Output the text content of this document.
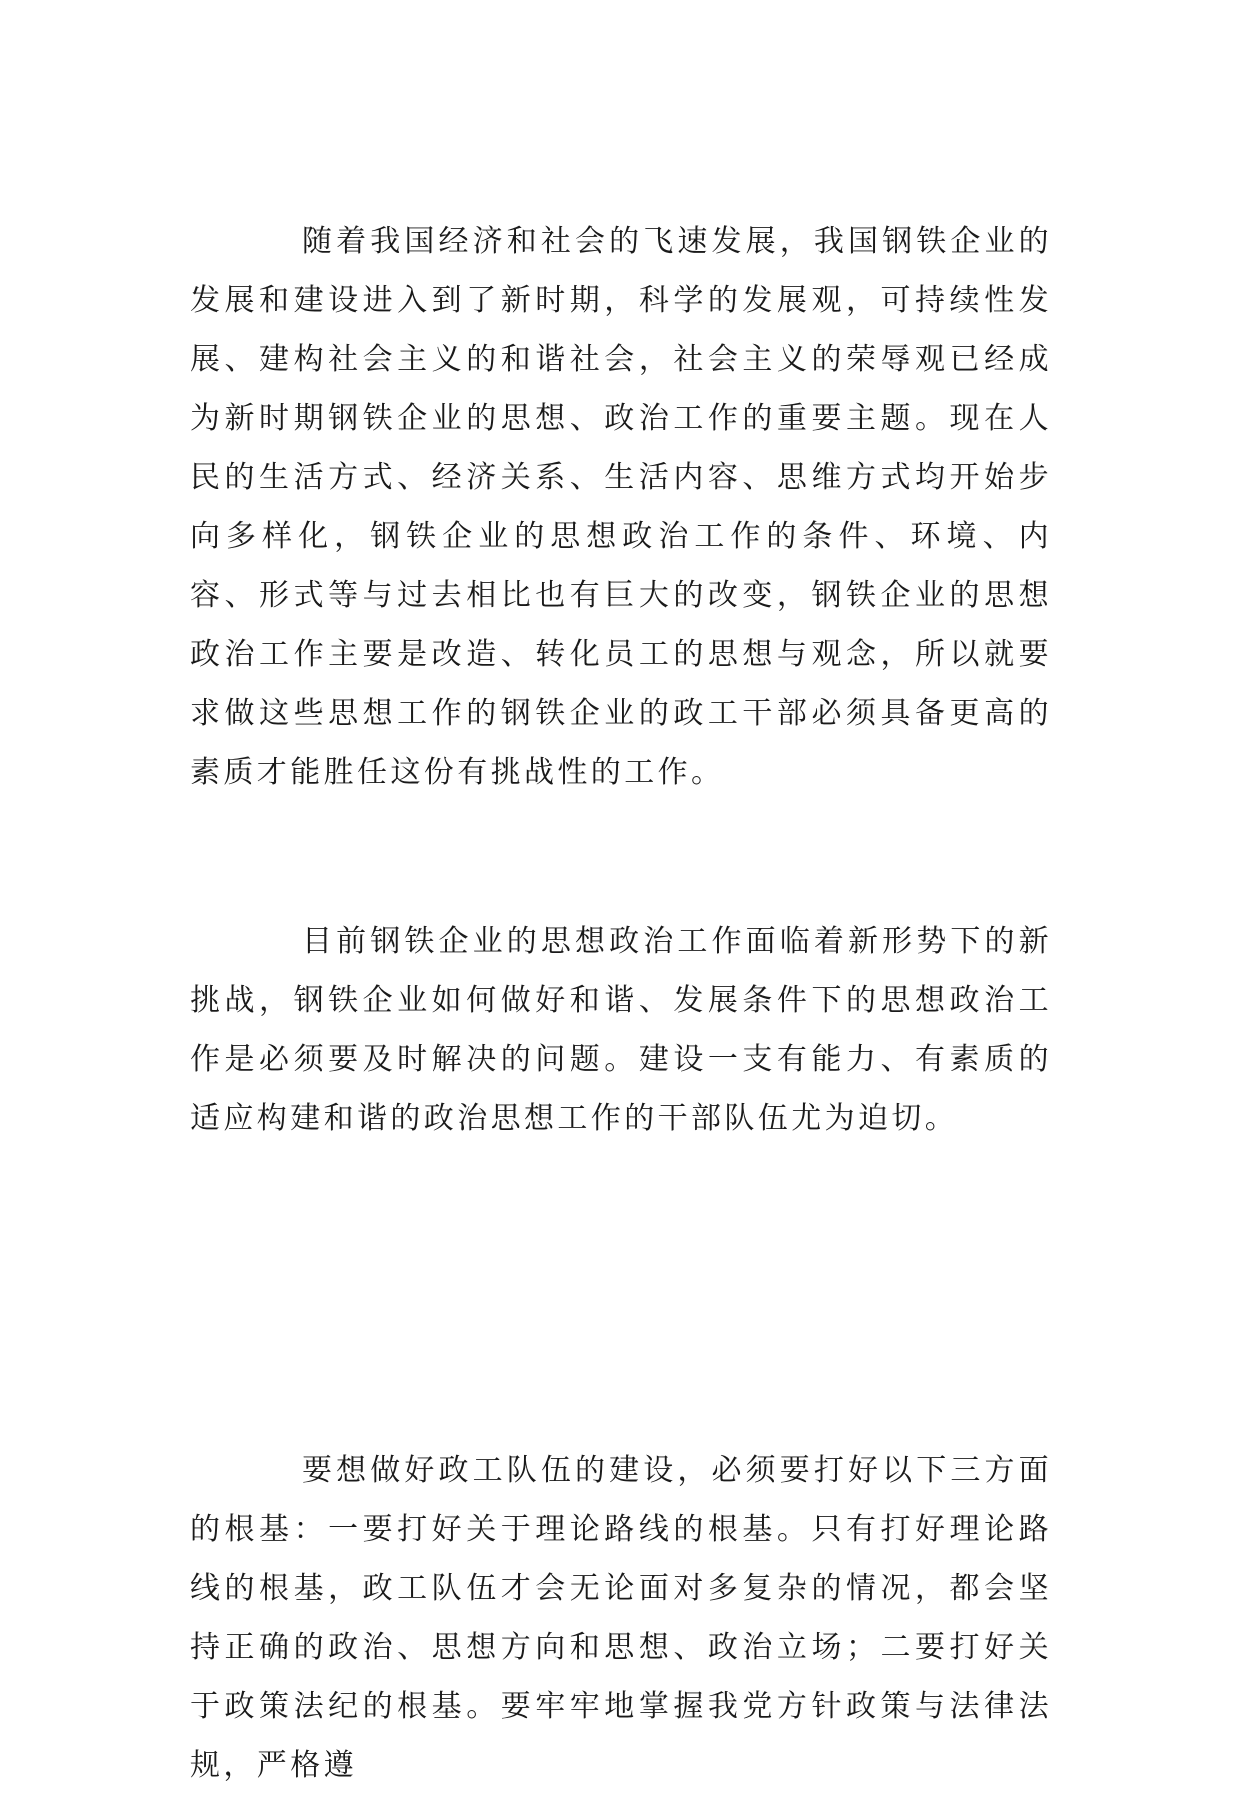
随着我国经济和社会的飞速发展，我国钢铁企业的发展和建设进入到了新时期，科学的发展观，可持续性发展、建构社会主义的和谐社会，社会主义的荣辱观已经成为新时期钢铁企业的思想、政治工作的重要主题。现在人民的生活方式、经济关系、生活内容、思维方式均开始步向多样化，钢铁企业的思想政治工作的条件、环境、内容、形式等与过去相比也有巨大的改变，钢铁企业的思想政治工作主要是改造、转化员工的思想与观念，所以就要求做这些思想工作的钢铁企业的政工干部必须具备更高的素质才能胜任这份有挑战性的工作。

目前钢铁企业的思想政治工作面临着新形势下的新挑战，钢铁企业如何做好和谐、发展条件下的思想政治工作是必须要及时解决的问题。建设一支有能力、有素质的适应构建和谐的政治思想工作的干部队伍尤为迫切。

要想做好政工队伍的建设，必须要打好以下三方面的根基：一要打好关于理论路线的根基。只有打好理论路线的根基，政工队伍才会无论面对多复杂的情况，都会坚持正确的政治、思想方向和思想、政治立场；二要打好关于政策法纪的根基。要牢牢地掌握我党方针政策与法律法规，严格遵
